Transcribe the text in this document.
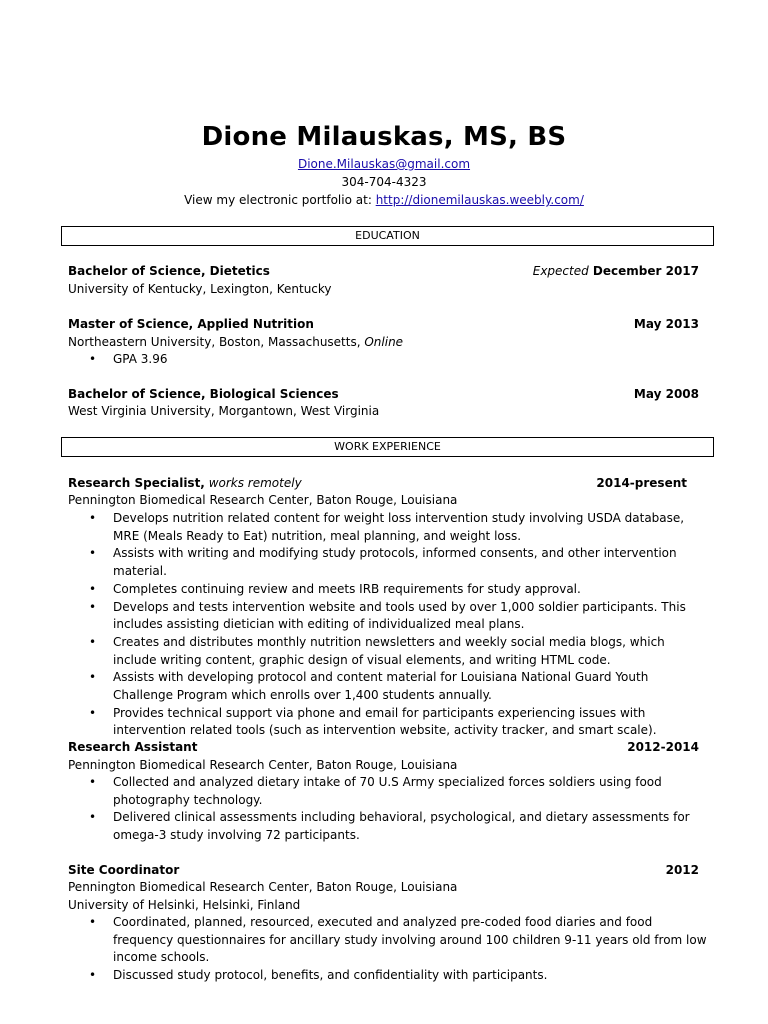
Dione Milauskas, MS, BS
Dione.Milauskas@gmail.com
304-704-4323
View my electronic portfolio at: http://dionemilauskas.weebly.com/
EDUCATION
Bachelor of Science, Dietetics	Expected December 2017
University of Kentucky, Lexington, Kentucky
Master of Science, Applied Nutrition	May 2013
Northeastern University, Boston, Massachusetts, Online
• GPA 3.96
Bachelor of Science, Biological Sciences	May 2008
West Virginia University, Morgantown, West Virginia
WORK EXPERIENCE
Research Specialist, works remotely	2014-present
Pennington Biomedical Research Center, Baton Rouge, Louisiana
• Develops nutrition related content for weight loss intervention study involving USDA database, MRE (Meals Ready to Eat) nutrition, meal planning, and weight loss.
• Assists with writing and modifying study protocols, informed consents, and other intervention material.
• Completes continuing review and meets IRB requirements for study approval.
• Develops and tests intervention website and tools used by over 1,000 soldier participants. This includes assisting dietician with editing of individualized meal plans.
• Creates and distributes monthly nutrition newsletters and weekly social media blogs, which include writing content, graphic design of visual elements, and writing HTML code.
• Assists with developing protocol and content material for Louisiana National Guard Youth Challenge Program which enrolls over 1,400 students annually.
• Provides technical support via phone and email for participants experiencing issues with intervention related tools (such as intervention website, activity tracker, and smart scale).
Research Assistant	2012-2014
Pennington Biomedical Research Center, Baton Rouge, Louisiana
• Collected and analyzed dietary intake of 70 U.S Army specialized forces soldiers using food photography technology.
• Delivered clinical assessments including behavioral, psychological, and dietary assessments for omega-3 study involving 72 participants.
Site Coordinator	2012
Pennington Biomedical Research Center, Baton Rouge, Louisiana
University of Helsinki, Helsinki, Finland
• Coordinated, planned, resourced, executed and analyzed pre-coded food diaries and food frequency questionnaires for ancillary study involving around 100 children 9-11 years old from low income schools.
• Discussed study protocol, benefits, and confidentiality with participants.
